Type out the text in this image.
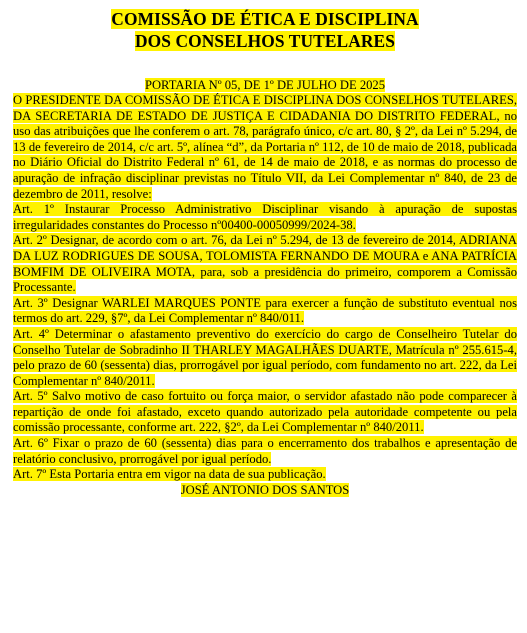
COMISSÃO DE ÉTICA E DISCIPLINA
DOS CONSELHOS TUTELARES

PORTARIA Nº 05, DE 1º DE JULHO DE 2025

O PRESIDENTE DA COMISSÃO DE ÉTICA E DISCIPLINA DOS CONSELHOS TUTELARES, DA SECRETARIA DE ESTADO DE JUSTIÇA E CIDADANIA DO DISTRITO FEDERAL, no uso das atribuições que lhe conferem o art. 78, parágrafo único, c/c art. 80, § 2º, da Lei nº 5.294, de 13 de fevereiro de 2014, c/c art. 5º, alínea “d”, da Portaria nº 112, de 10 de maio de 2018, publicada no Diário Oficial do Distrito Federal nº 61, de 14 de maio de 2018, e as normas do processo de apuração de infração disciplinar previstas no Título VII, da Lei Complementar nº 840, de 23 de dezembro de 2011, resolve:

Art. 1º Instaurar Processo Administrativo Disciplinar visando à apuração de supostas irregularidades constantes do Processo nº00400-00050999/2024-38.

Art. 2º Designar, de acordo com o art. 76, da Lei nº 5.294, de 13 de fevereiro de 2014, ADRIANA DA LUZ RODRIGUES DE SOUSA, TOLOMISTA FERNANDO DE MOURA e ANA PATRÍCIA BOMFIM DE OLIVEIRA MOTA, para, sob a presidência do primeiro, comporem a Comissão Processante.

Art. 3º Designar WARLEI MARQUES PONTE para exercer a função de substituto eventual nos termos do art. 229, §7º, da Lei Complementar nº 840/011.

Art. 4º Determinar o afastamento preventivo do exercício do cargo de Conselheiro Tutelar do Conselho Tutelar de Sobradinho II THARLEY MAGALHÃES DUARTE, Matrícula nº 255.615-4, pelo prazo de 60 (sessenta) dias, prorrogável por igual período, com fundamento no art. 222, da Lei Complementar nº 840/2011.

Art. 5º Salvo motivo de caso fortuito ou força maior, o servidor afastado não pode comparecer à repartição de onde foi afastado, exceto quando autorizado pela autoridade competente ou pela comissão processante, conforme art. 222, §2º, da Lei Complementar nº 840/2011.

Art. 6º Fixar o prazo de 60 (sessenta) dias para o encerramento dos trabalhos e apresentação de relatório conclusivo, prorrogável por igual período.

Art. 7º Esta Portaria entra em vigor na data de sua publicação.

JOSÉ ANTONIO DOS SANTOS
